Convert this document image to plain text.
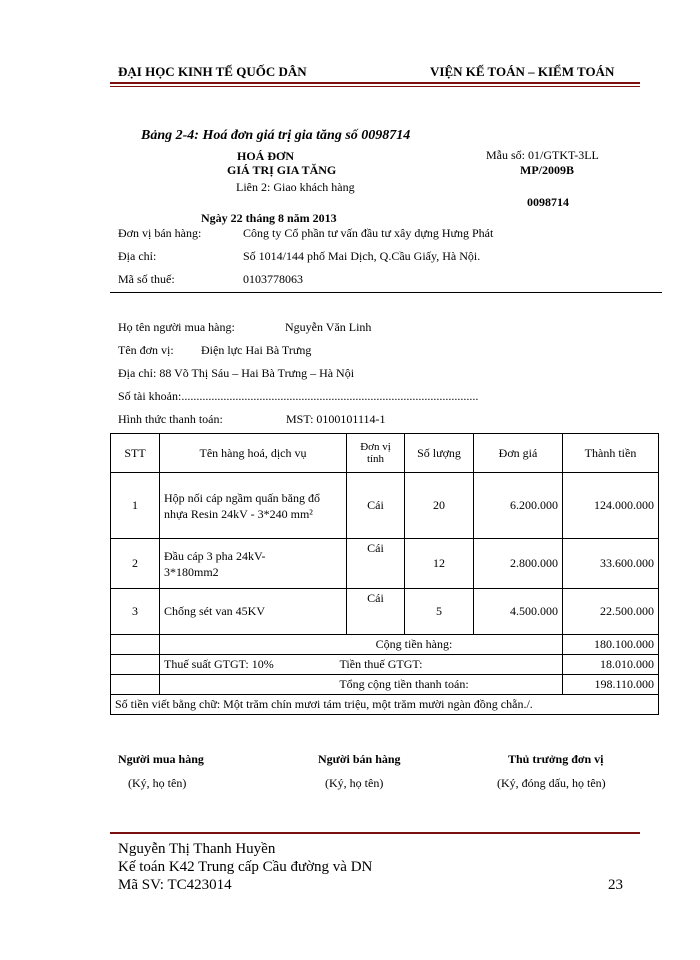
ĐẠI HỌC KINH TẾ QUỐC DÂN	VIỆN KẾ TOÁN – KIỂM TOÁN
Bảng 2-4: Hoá đơn giá trị gia tăng số 0098714
HOÁ ĐƠN
GIÁ TRỊ GIA TĂNG
Liên 2: Giao khách hàng
Mẫu số: 01/GTKT-3LL
MP/2009B
0098714
Ngày 22 tháng 8 năm 2013
Đơn vị bán hàng:	Công ty Cổ phần tư vấn đầu tư xây dựng Hưng Phát
Địa chỉ:	Số 1014/144 phố Mai Dịch, Q.Cầu Giấy, Hà Nội.
Mã số thuế:	0103778063
Họ tên người mua hàng:	Nguyễn Văn Linh
Tên đơn vị: Điện lực Hai Bà Trưng
Địa chỉ: 88 Võ Thị Sáu – Hai Bà Trưng – Hà Nội
Số tài khoản:...................................................................................................
Hình thức thanh toán:	MST: 0100101114-1
STT	Tên hàng hoá, dịch vụ	Đơn vị tính	Số lượng	Đơn giá	Thành tiền
1	Hộp nối cáp ngầm quấn băng đổ nhựa Resin 24kV - 3*240 mm²	Cái	20	6.200.000	124.000.000
2	Đầu cáp 3 pha 24kV-3*180mm2	Cái	12	2.800.000	33.600.000
3	Chống sét van 45KV	Cái	5	4.500.000	22.500.000
	Cộng tiền hàng:				180.100.000
	Thuế suất GTGT: 10% Tiền thuế GTGT:				18.010.000
	Tổng cộng tiền thanh toán:				198.110.000
Số tiền viết bằng chữ: Một trăm chín mươi tám triệu, một trăm mười ngàn đồng chẵn./.					
Người mua hàng
(Ký, họ tên)
Người bán hàng
(Ký, họ tên)
Thủ trưởng đơn vị
(Ký, đóng dấu, họ tên)
Nguyễn Thị Thanh Huyền
Kế toán K42 Trung cấp Cầu đường và DN
Mã SV: TC423014	23
